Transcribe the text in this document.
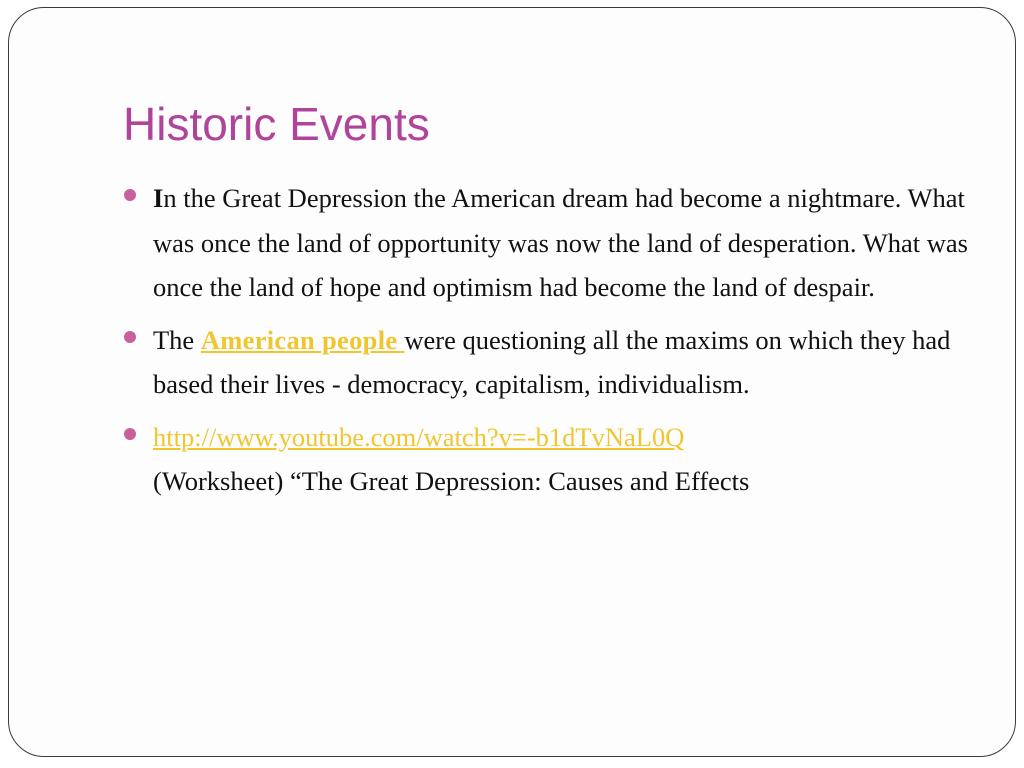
Historic Events
In the Great Depression the American dream had become a nightmare. What was once the land of opportunity was now the land of desperation. What was once the land of hope and optimism had become the land of despair.
The American people were questioning all the maxims on which they had based their lives - democracy, capitalism, individualism.
http://www.youtube.com/watch?v=-b1dTvNaL0Q
(Worksheet) “The Great Depression: Causes and Effects
